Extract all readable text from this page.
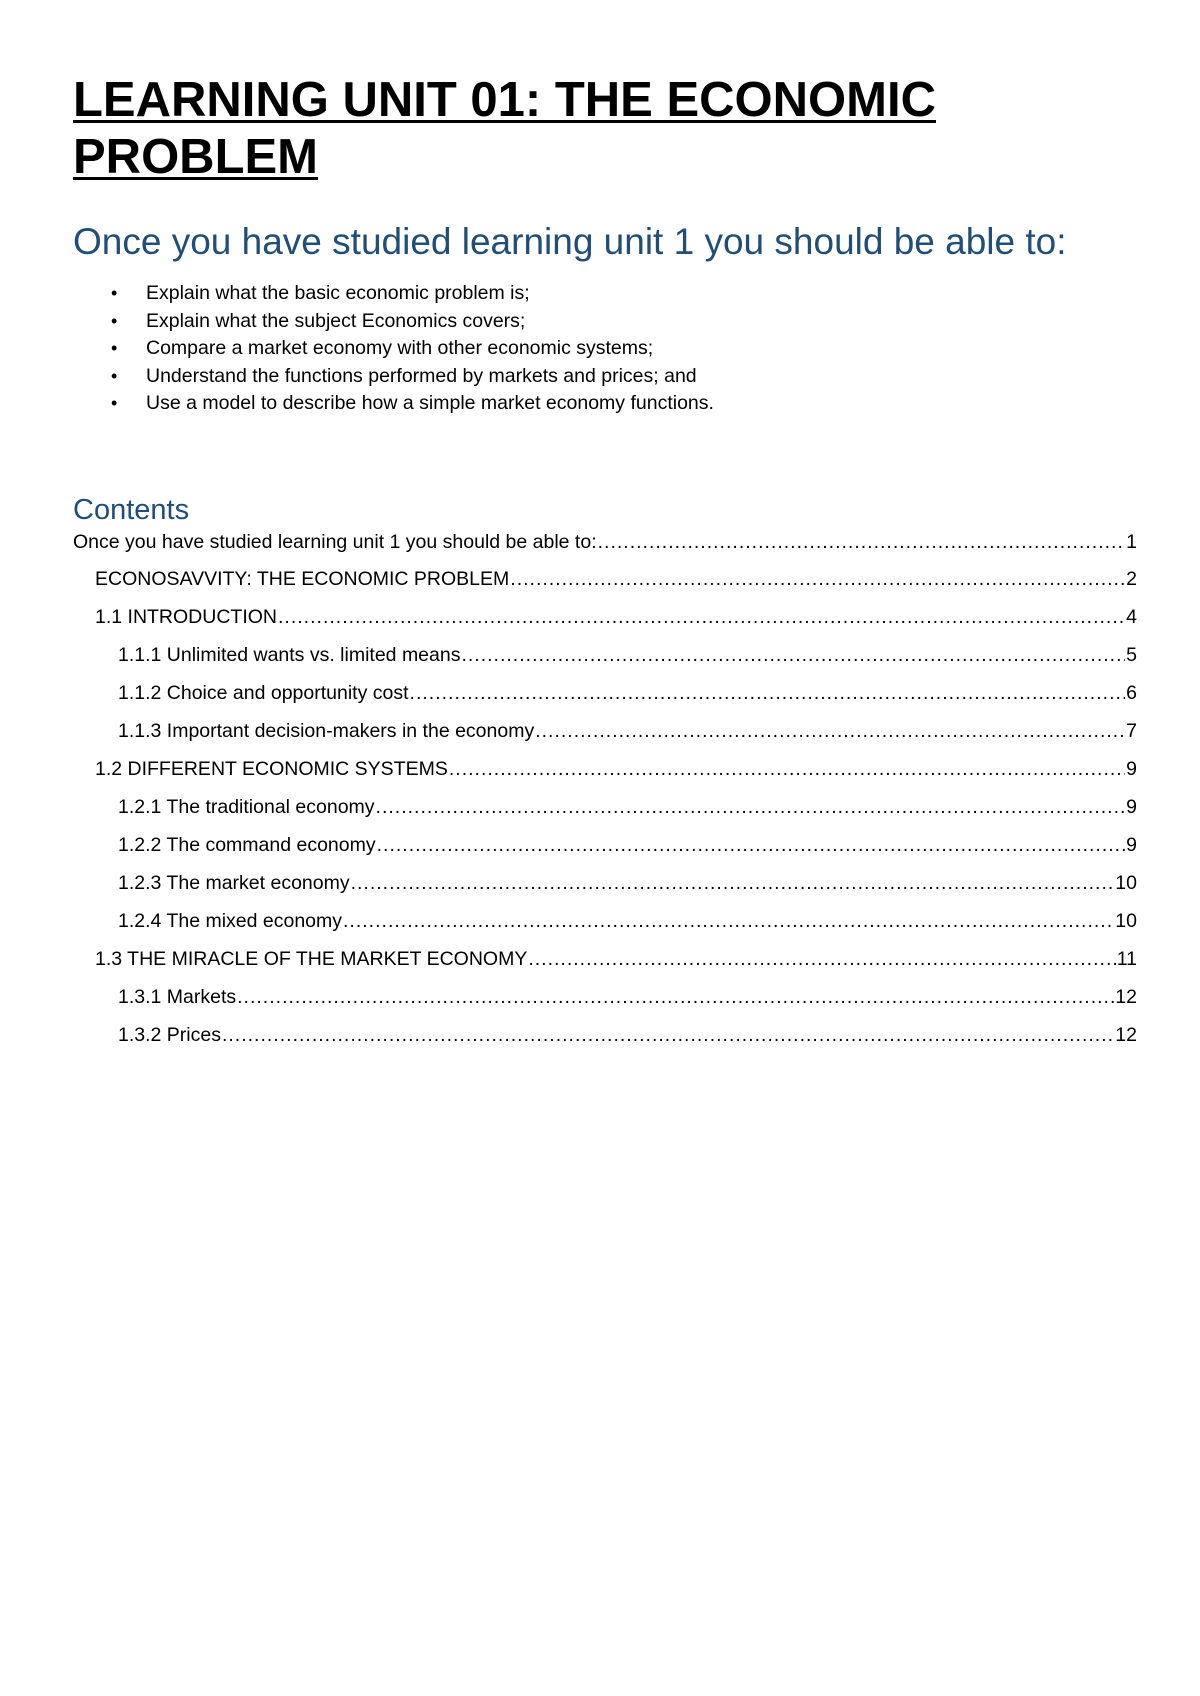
LEARNING UNIT 01: THE ECONOMIC
PROBLEM
Once you have studied learning unit 1 you should be able to:
• Explain what the basic economic problem is;
• Explain what the subject Economics covers;
• Compare a market economy with other economic systems;
• Understand the functions performed by markets and prices; and
• Use a model to describe how a simple market economy functions.
Contents
Once you have studied learning unit 1 you should be able to: .....	1
ECONOSAVVITY: THE ECONOMIC PROBLEM .....	2
1.1 INTRODUCTION .....	4
1.1.1 Unlimited wants vs. limited means .....	5
1.1.2 Choice and opportunity cost .....	6
1.1.3 Important decision-makers in the economy .....	7
1.2 DIFFERENT ECONOMIC SYSTEMS .....	9
1.2.1 The traditional economy .....	9
1.2.2 The command economy .....	9
1.2.3 The market economy .....	10
1.2.4 The mixed economy .....	10
1.3 THE MIRACLE OF THE MARKET ECONOMY .....	11
1.3.1 Markets .....	12
1.3.2 Prices .....	12
